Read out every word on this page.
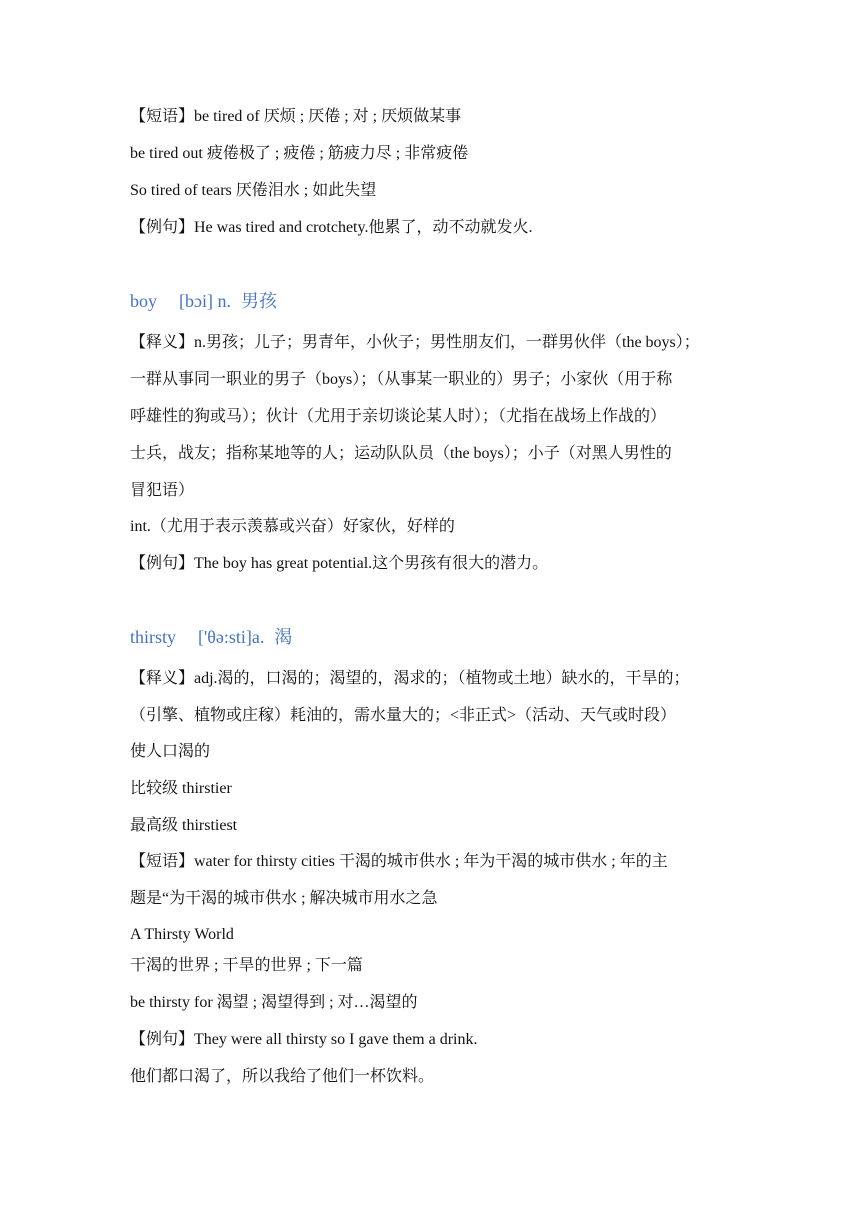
【短语】be tired of 厌烦 ; 厌倦 ; 对 ; 厌烦做某事
be tired out 疲倦极了 ; 疲倦 ; 筋疲力尽 ; 非常疲倦
So tired of tears 厌倦泪水 ; 如此失望
【例句】He was tired and crotchety.他累了，动不动就发火.
boy [bɔi] n. 男孩
【释义】n.男孩；儿子；男青年，小伙子；男性朋友们，一群男伙伴（the boys）；
一群从事同一职业的男子（boys）；（从事某一职业的）男子；小家伙（用于称
呼雄性的狗或马）；伙计（尤用于亲切谈论某人时）；（尤指在战场上作战的）
士兵，战友；指称某地等的人；运动队队员（the boys）；小子（对黑人男性的
冒犯语）
int.（尤用于表示羡慕或兴奋）好家伙，好样的
【例句】The boy has great potential.这个男孩有很大的潜力。
thirsty ['θə:sti]a. 渴
【释义】adj.渴的，口渴的；渴望的，渴求的；（植物或土地）缺水的，干旱的；
（引擎、植物或庄稼）耗油的，需水量大的；<非正式>（活动、天气或时段）
使人口渴的
比较级 thirstier
最高级 thirstiest
【短语】water for thirsty cities 干渴的城市供水 ; 年为干渴的城市供水 ; 年的主
题是“为干渴的城市供水 ; 解决城市用水之急
A Thirsty World
干渴的世界 ; 干旱的世界 ; 下一篇
be thirsty for 渴望 ; 渴望得到 ; 对…渴望的
【例句】They were all thirsty so I gave them a drink.
他们都口渴了，所以我给了他们一杯饮料。
